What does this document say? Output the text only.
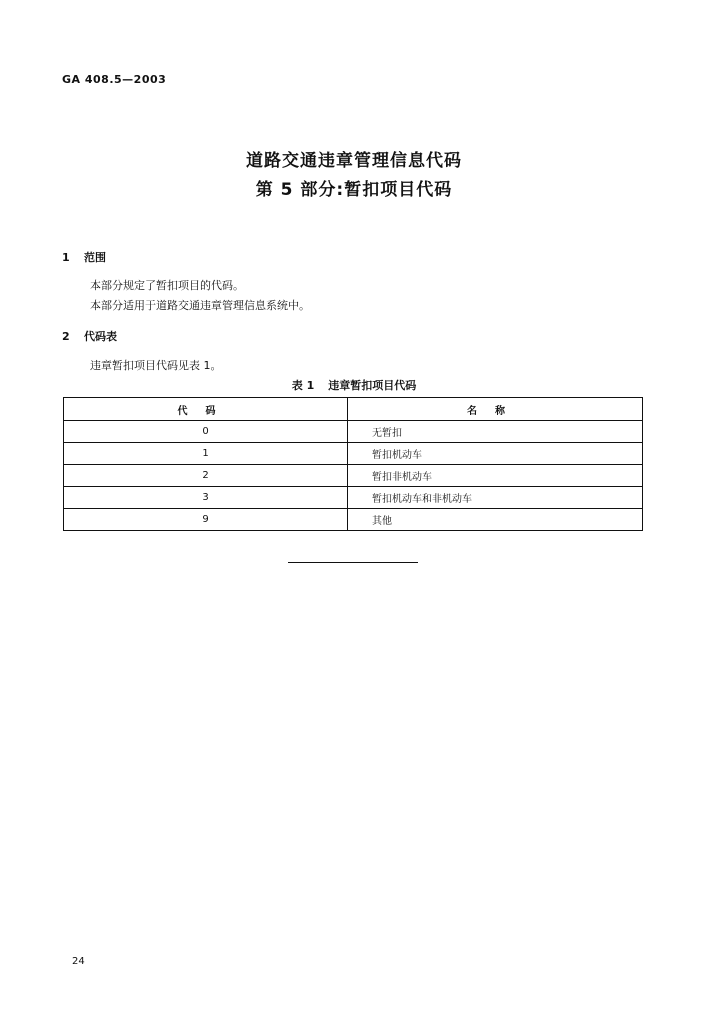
GA 408.5—2003
道路交通违章管理信息代码
第 5 部分:暂扣项目代码
1 范围
本部分规定了暂扣项目的代码。
本部分适用于道路交通违章管理信息系统中。
2 代码表
违章暂扣项目代码见表 1。
表 1 违章暂扣项目代码
代码	名称
0	无暂扣
1	暂扣机动车
2	暂扣非机动车
3	暂扣机动车和非机动车
9	其他
24
